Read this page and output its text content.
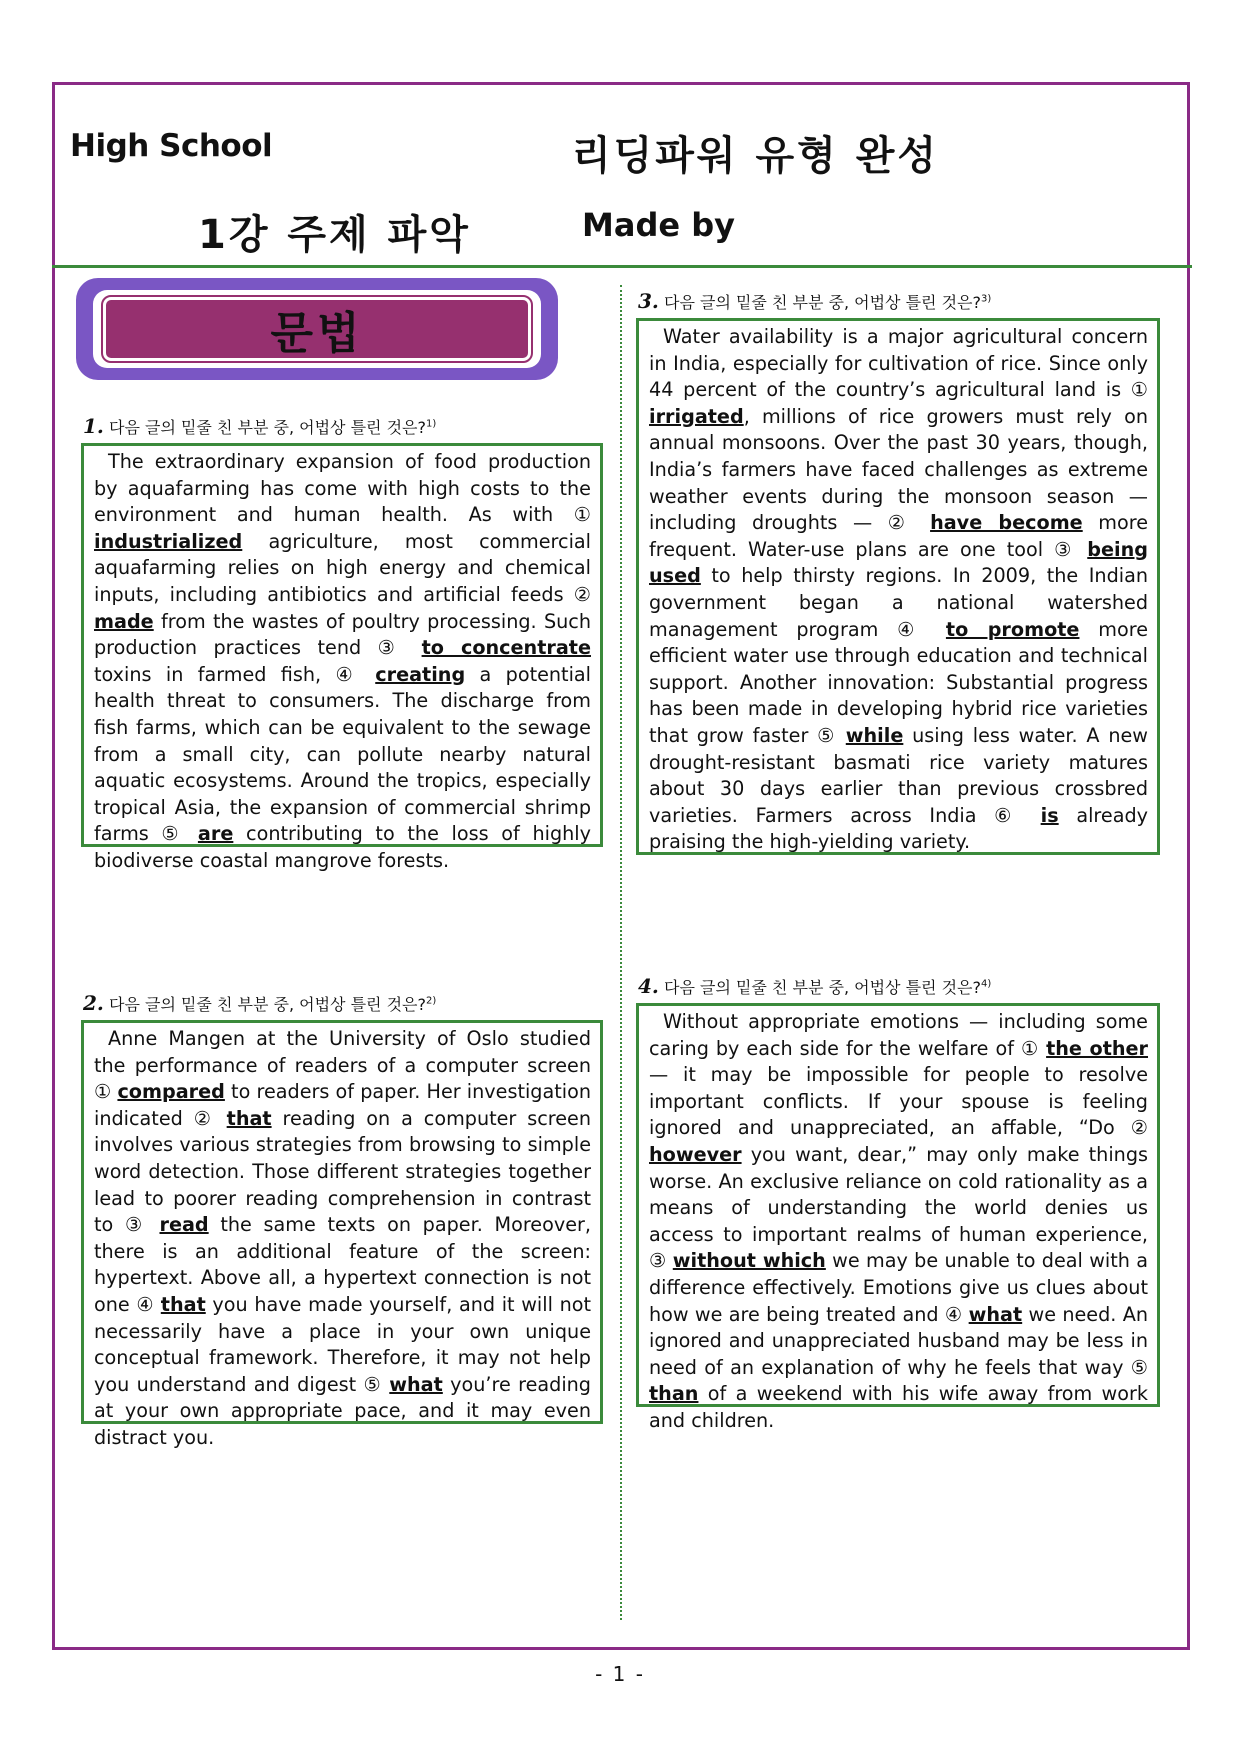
High School	리딩파워 유형 완성
1강 주제 파악	Made by
문법
1. 다음 글의 밑줄 친 부분 중, 어법상 틀린 것은?$^{1)}$

The extraordinary expansion of food production by aquafarming has come with high costs to the environment and human health. As with ① industrialized agriculture, most commercial aquafarming relies on high energy and chemical inputs, including antibiotics and artificial feeds ② made from the wastes of poultry processing. Such production practices tend ③ to concentrate toxins in farmed fish, ④ creating a potential health threat to consumers. The discharge from fish farms, which can be equivalent to the sewage from a small city, can pollute nearby natural aquatic ecosystems. Around the tropics, especially tropical Asia, the expansion of commercial shrimp farms ⑤ are contributing to the loss of highly biodiverse coastal mangrove forests.

2. 다음 글의 밑줄 친 부분 중, 어법상 틀린 것은?$^{2)}$

Anne Mangen at the University of Oslo studied the performance of readers of a computer screen ① compared to readers of paper. Her investigation indicated ② that reading on a computer screen involves various strategies from browsing to simple word detection. Those different strategies together lead to poorer reading comprehension in contrast to ③ read the same texts on paper. Moreover, there is an additional feature of the screen: hypertext. Above all, a hypertext connection is not one ④ that you have made yourself, and it will not necessarily have a place in your own unique conceptual framework. Therefore, it may not help you understand and digest ⑤ what you’re reading at your own appropriate pace, and it may even distract you.

3. 다음 글의 밑줄 친 부분 중, 어법상 틀린 것은?$^{3)}$

Water availability is a major agricultural concern in India, especially for cultivation of rice. Since only 44 percent of the country’s agricultural land is ① irrigated, millions of rice growers must rely on annual monsoons. Over the past 30 years, though, India’s farmers have faced challenges as extreme weather events during the monsoon season — including droughts — ② have become more frequent. Water-use plans are one tool ③ being used to help thirsty regions. In 2009, the Indian government began a national watershed management program ④ to promote more efficient water use through education and technical support. Another innovation: Substantial progress has been made in developing hybrid rice varieties that grow faster ⑤ while using less water. A new drought-resistant basmati rice variety matures about 30 days earlier than previous crossbred varieties. Farmers across India ⑥ is already praising the high-yielding variety.

4. 다음 글의 밑줄 친 부분 중, 어법상 틀린 것은?$^{4)}$

Without appropriate emotions — including some caring by each side for the welfare of ① the other — it may be impossible for people to resolve important conflicts. If your spouse is feeling ignored and unappreciated, an affable, “Do ② however you want, dear,” may only make things worse. An exclusive reliance on cold rationality as a means of understanding the world denies us access to important realms of human experience, ③ without which we may be unable to deal with a difference effectively. Emotions give us clues about how we are being treated and ④ what we need. An ignored and unappreciated husband may be less in need of an explanation of why he feels that way ⑤ than of a weekend with his wife away from work and children.

- 1 -
